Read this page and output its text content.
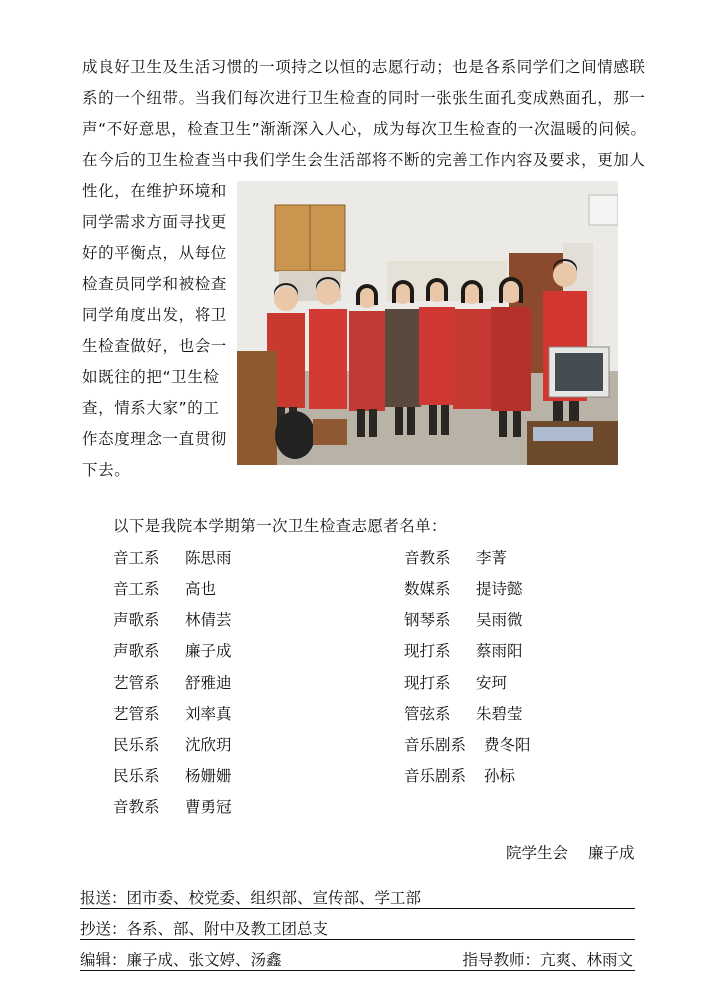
成良好卫生及生活习惯的一项持之以恒的志愿行动；也是各系同学们之间情感联
系的一个纽带。当我们每次进行卫生检查的同时一张张生面孔变成熟面孔，那一
声“不好意思，检查卫生”渐渐深入人心，成为每次卫生检查的一次温暖的问候。
在今后的卫生检查当中我们学生会生活部将不断的完善工作内容及要求，更加人
性化，在维护环境和
同学需求方面寻找更
好的平衡点，从每位
检查员同学和被检查
同学角度出发，将卫
生检查做好，也会一
如既往的把“卫生检
查，情系大家”的工
作态度理念一直贯彻
下去。
以下是我院本学期第一次卫生检查志愿者名单：
音工系 陈思雨
音工系 高也
声歌系 林倩芸
声歌系 廉子成
艺管系 舒雅迪
艺管系 刘率真
民乐系 沈欣玥
民乐系 杨姗姗
音教系 曹勇冠
音教系 李菁
数媒系 提诗懿
钢琴系 吴雨微
现打系 蔡雨阳
现打系 安珂
管弦系 朱碧莹
音乐剧系 费冬阳
音乐剧系 孙标
院学生会 廉子成
报送：团市委、校党委、组织部、宣传部、学工部
抄送：各系、部、附中及教工团总支
编辑：廉子成、张文婷、汤鑫	指导教师：亢爽、林雨文
